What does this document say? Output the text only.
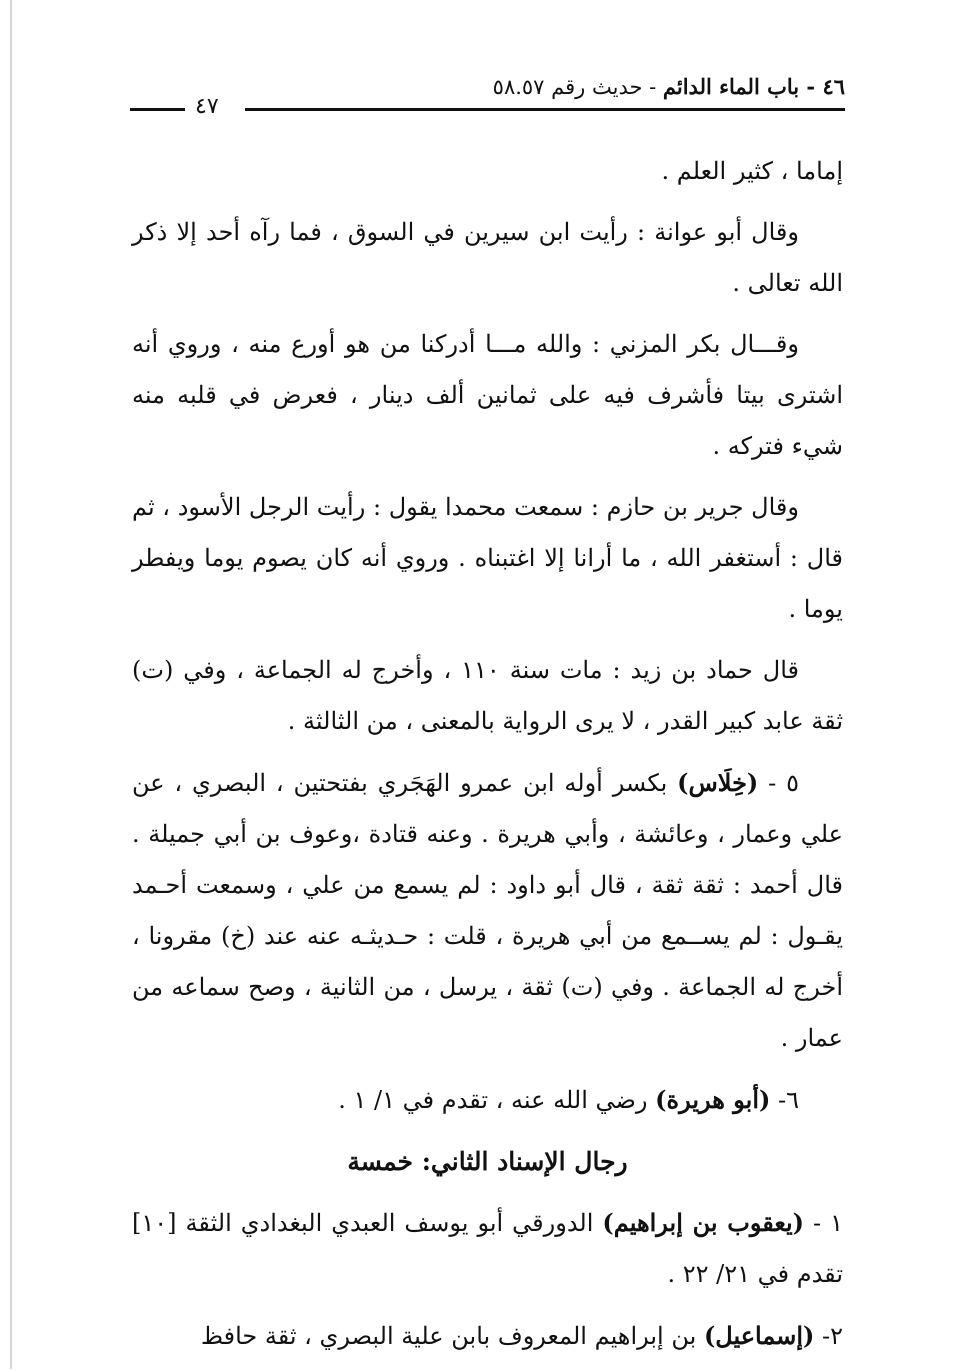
٤٦ - باب الماء الدائم - حديث رقم ٥٨.٥٧
٤٧

إماما ، كثير العلم .

وقال أبو عوانة : رأيت ابن سيرين في السوق ، فما رآه أحد إلا ذكر الله تعالى .

وقـــال بكر المزني : والله مـــا أدركنا من هو أورع منه ، وروي أنه اشترى بيتا فأشرف فيه على ثمانين ألف دينار ، فعرض في قلبه منه شيء فتركه .

وقال جرير بن حازم : سمعت محمدا يقول : رأيت الرجل الأسود ، ثم قال : أستغفر الله ، ما أرانا إلا اغتبناه . وروي أنه كان يصوم يوما ويفطر يوما .

قال حماد بن زيد : مات سنة ١١٠ ، وأخرج له الجماعة ، وفي (ت) ثقة عابد كبير القدر ، لا يرى الرواية بالمعنى ، من الثالثة .

٥ - (خِلَاس) بكسر أوله ابن عمرو الهَجَري بفتحتين ، البصري ، عن علي وعمار ، وعائشة ، وأبي هريرة . وعنه قتادة ،وعوف بن أبي جميلة . قال أحمد : ثقة ثقة ، قال أبو داود : لم يسمع من علي ، وسمعت أحـمد يقـول : لم يســمع من أبي هريرة ، قلت : حـديثـه عنه عند (خ) مقرونا ، أخرج له الجماعة . وفي (ت) ثقة ، يرسل ، من الثانية ، وصح سماعه من عمار .

٦- (أبو هريرة) رضي الله عنه ، تقدم في ١/ ١ .

رجال الإسناد الثاني: خمسة

١ - (يعقوب بن إبراهيم) الدورقي أبو يوسف العبدي البغدادي الثقة [١٠] تقدم في ٢١/ ٢٢ .

٢- (إسماعيل) بن إبراهيم المعروف بابن علية البصري ، ثقة حافظ
